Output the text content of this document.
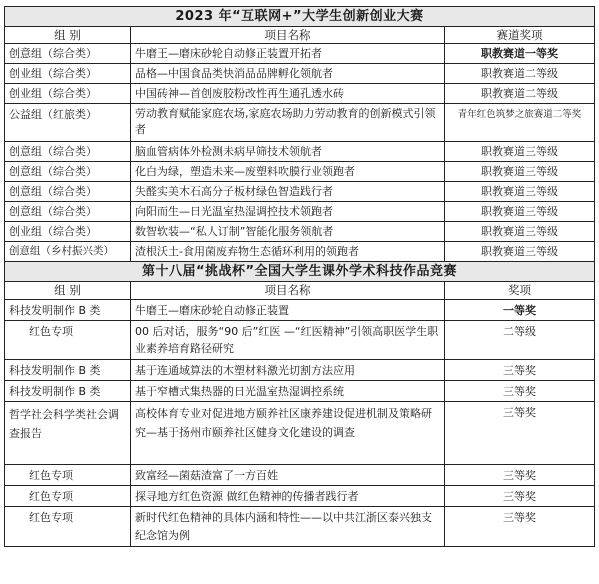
2023 年“互联网+”大学生创新创业大赛		
组 别	项目名称	赛道奖项
创意组（综合类）	牛磨王—磨床砂轮自动修正装置开拓者	职教赛道一等奖
创业组（综合类）	品格—中国食品类快消品品牌孵化领航者	职教赛道二等级
创业组（综合类）	中国砖神—首创废胶粉改性再生通孔透水砖	职教赛道二等级
公益组（红旅类）	劳动教育赋能家庭农场,家庭农场助力劳动教育的创新模式引领者	青年红色筑梦之旅赛道二等奖
创意组（综合类）	脑血管病体外检测未病早筛技术领航者	职教赛道三等级
创意组（综合类）	化白为绿，塑造未来—废塑料吹膜行业领跑者	职教赛道三等级
创意组（综合类）	失醛实美木石高分子板材绿色智造践行者	职教赛道三等级
创意组（综合类）	向阳而生—日光温室热湿调控技术领跑者	职教赛道三等级
创业组（综合类）	数智软装—“私人订制”智能化服务领航者	职教赛道三等级
创意组（乡村振兴类）	渣根沃土-食用菌废弃物生态循环利用的领跑者	职教赛道三等级
第十八届“挑战杯”全国大学生课外学术科技作品竞赛		
组 别	项目名称	奖项
科技发明制作 B 类	牛磨王—磨床砂轮自动修正装置	一等奖
红色专项	00 后对话，服务“90 后”红医 —“红医精神”引领高职医学生职业素养培育路径研究	二等级
科技发明制作 B 类	基于连通域算法的木塑材料激光切割方法应用	三等奖
科技发明制作 B 类	基于窄槽式集热器的日光温室热湿调控系统	三等奖
哲学社会科学类社会调查报告	高校体育专业对促进地方颐养社区康养建设促进机制及策略研究—基于扬州市颐养社区健身文化建设的调查	三等奖
红色专项	致富经—菌菇渣富了一方百姓	三等奖
红色专项	探寻地方红色资源 做红色精神的传播者践行者	三等奖
红色专项	新时代红色精神的具体内涵和特性——以中共江浙区泰兴独支纪念馆为例	三等奖
